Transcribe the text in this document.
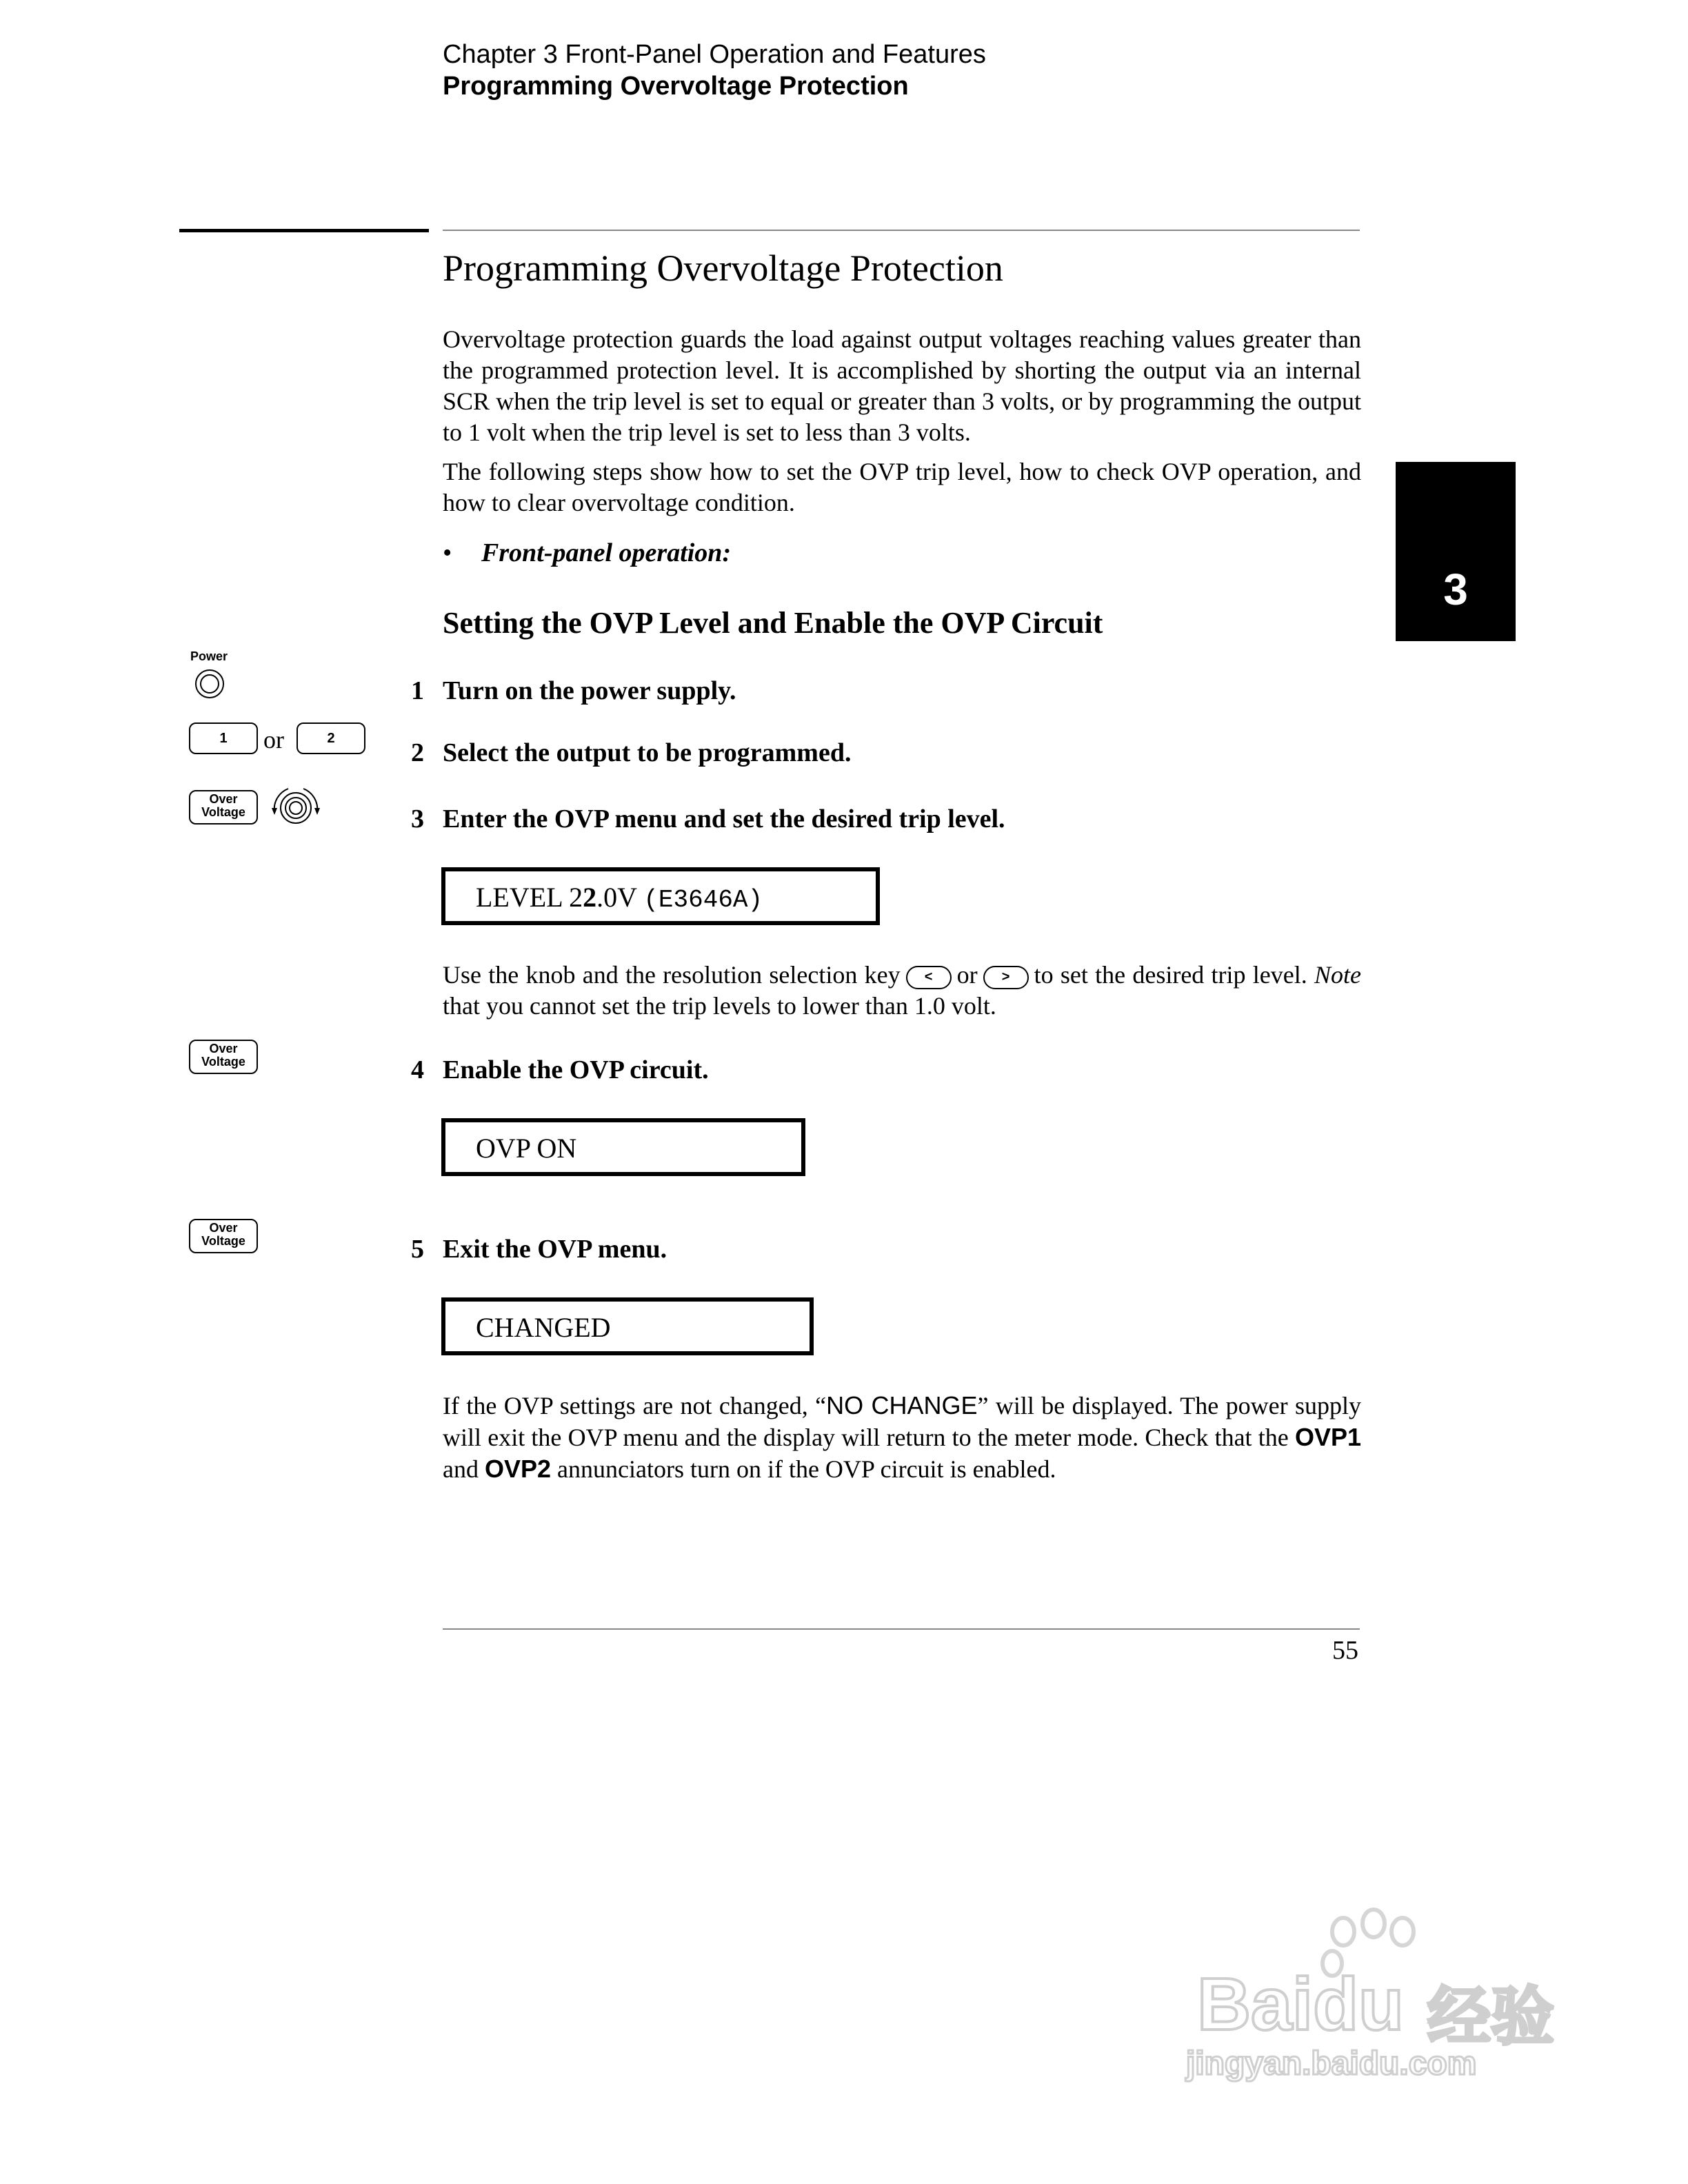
Chapter 3 Front-Panel Operation and Features
Programming Overvoltage Protection
3
Programming Overvoltage Protection
Overvoltage protection guards the load against output voltages reaching values greater than the programmed protection level. It is accomplished by shorting the output via an internal SCR when the trip level is set to equal or greater than 3 volts, or by programming the output to 1 volt when the trip level is set to less than 3 volts.
The following steps show how to set the OVP trip level, how to check OVP operation, and how to clear overvoltage condition.
• Front-panel operation:
Setting the OVP Level and Enable the OVP Circuit
Power
1 Turn on the power supply.
1	or	2	2 Select the output to be programmed.
Over
Voltage	3 Enter the OVP menu and set the desired trip level.
LEVEL 22.0V (E3646A)
Use the knob and the resolution selection key < or > to set the desired trip level. Note that you cannot set the trip levels to lower than 1.0 volt.
Over
Voltage	4 Enable the OVP circuit.
OVP ON
Over
Voltage	5 Exit the OVP menu.
CHANGED
If the OVP settings are not changed, “NO CHANGE” will be displayed. The power supply will exit the OVP menu and the display will return to the meter mode. Check that the OVP1 and OVP2 annunciators turn on if the OVP circuit is enabled.
55
Baidu 经验
jingyan.baidu.com
